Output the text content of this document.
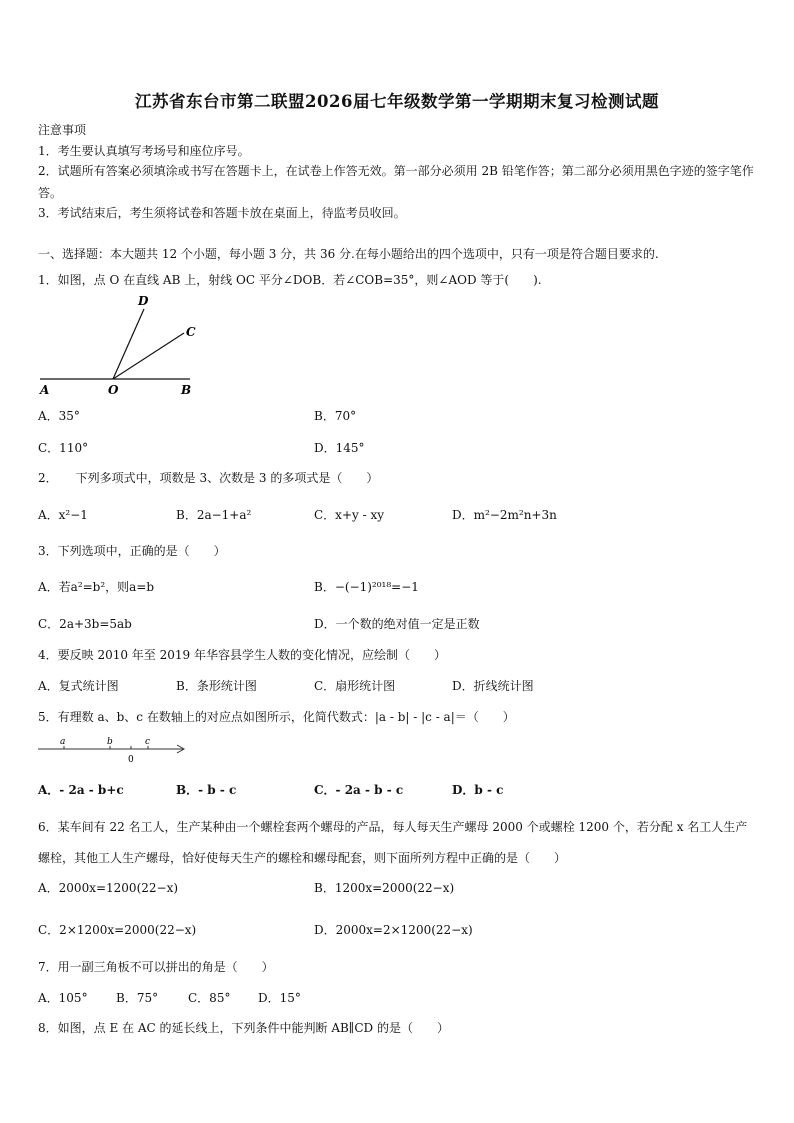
江苏省东台市第二联盟2026届七年级数学第一学期期末复习检测试题
注意事项
1．考生要认真填写考场号和座位序号。
2．试题所有答案必须填涂或书写在答题卡上，在试卷上作答无效。第一部分必须用 2B 铅笔作答；第二部分必须用黑色字迹的签字笔作答。
3．考试结束后，考生须将试卷和答题卡放在桌面上，待监考员收回。
一、选择题：本大题共 12 个小题，每小题 3 分，共 36 分.在每小题给出的四个选项中，只有一项是符合题目要求的.
1．如图，点 O 在直线 AB 上，射线 OC 平分∠DOB．若∠COB=35°，则∠AOD 等于(　　).
A	O	B
C
D
A．35°	B．70°
C．110°	D．145°
2．　　下列多项式中，项数是 3、次数是 3 的多项式是（　　）
A．x²−1	B．2a−1+a²	C．x+y - xy	D．m²−2m²n+3n
3．下列选项中，正确的是（　　）
A．若a²=b²，则a=b	B．−(−1)²⁰¹⁸=−1
C．2a+3b=5ab	D．一个数的绝对值一定是正数
4．要反映 2010 年至 2019 年华容县学生人数的变化情况，应绘制（　　）
A．复式统计图	B．条形统计图	C．扇形统计图	D．折线统计图
5．有理数 a、b、c 在数轴上的对应点如图所示，化简代数式：|a - b| - |c - a|＝（　　）
a	b	c
0
A．- 2a - b+c	B．- b - c	C．- 2a - b - c	D．b - c
6．某车间有 22 名工人，生产某种由一个螺栓套两个螺母的产品，每人每天生产螺母 2000 个或螺栓 1200 个，若分配 x 名工人生产螺栓，其他工人生产螺母，恰好使每天生产的螺栓和螺母配套，则下面所列方程中正确的是（　　）
A．2000x=1200(22−x)	B．1200x=2000(22−x)
C．2×1200x=2000(22−x)	D．2000x=2×1200(22−x)
7．用一副三角板不可以拼出的角是（　　）
A．105° B．75° C．85° D．15°
8．如图，点 E 在 AC 的延长线上，下列条件中能判断 AB∥CD 的是（　　）
